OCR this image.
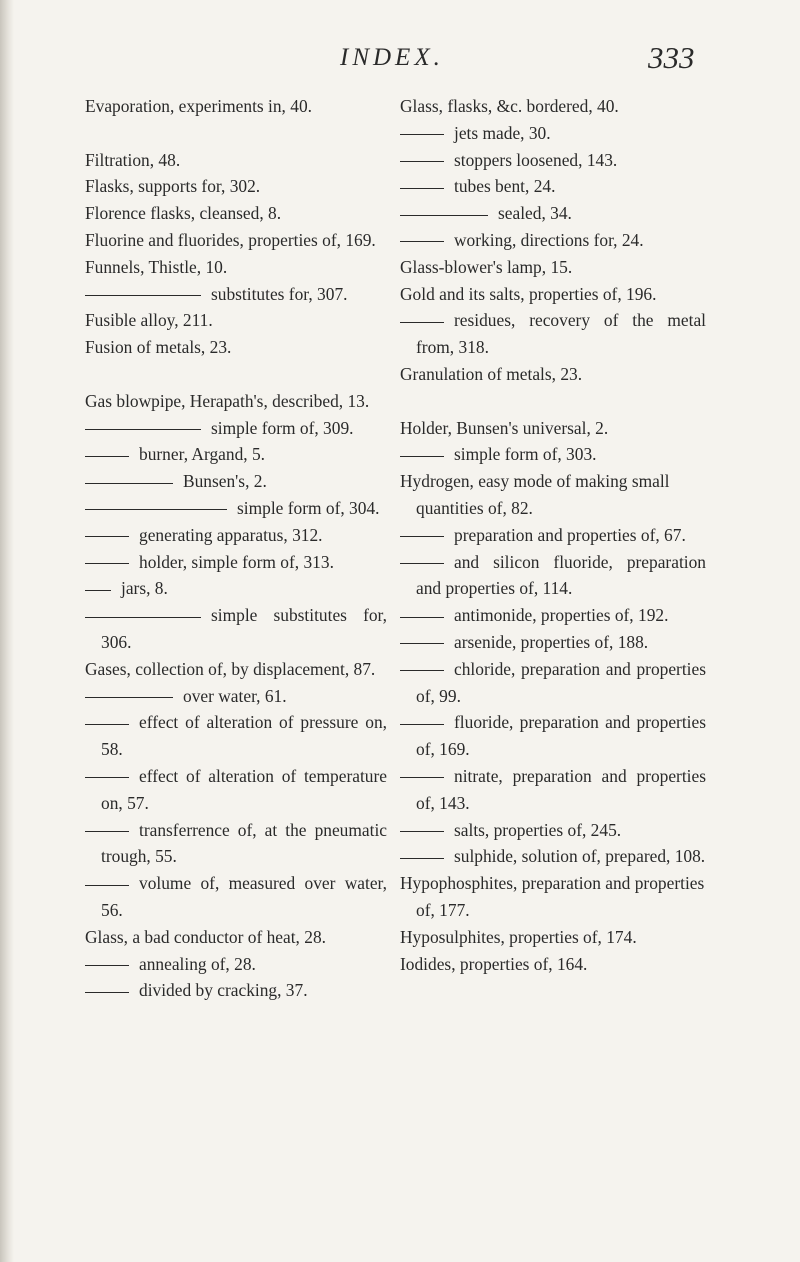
INDEX.	333

Evaporation, experiments in, 40.

Filtration, 48.

Flasks, supports for, 302.

Florence flasks, cleansed, 8.

Fluorine and fluorides, properties of, 169.

Funnels, Thistle, 10.

substitutes for, 307.

Fusible alloy, 211.

Fusion of metals, 23.

Gas blowpipe, Herapath's, described, 13.

simple form of, 309.

burner, Argand, 5.

Bunsen's, 2.

simple form of, 304.

generating apparatus, 312.

holder, simple form of, 313.

jars, 8.

simple substitutes for, 306.

Gases, collection of, by displacement, 87.

over water, 61.

effect of alteration of pressure on, 58.

effect of alteration of temperature on, 57.

transferrence of, at the pneumatic trough, 55.

volume of, measured over water, 56.

Glass, a bad conductor of heat, 28.

annealing of, 28.

divided by cracking, 37.

Glass, flasks, &c. bordered, 40.

jets made, 30.

stoppers loosened, 143.

tubes bent, 24.

sealed, 34.

working, directions for, 24.

Glass-blower's lamp, 15.

Gold and its salts, properties of, 196.

residues, recovery of the metal from, 318.

Granulation of metals, 23.

Holder, Bunsen's universal, 2.

simple form of, 303.

Hydrogen, easy mode of making small quantities of, 82.

preparation and properties of, 67.

and silicon fluoride, preparation and properties of, 114.

antimonide, properties of, 192.

arsenide, properties of, 188.

chloride, preparation and properties of, 99.

fluoride, preparation and properties of, 169.

nitrate, preparation and properties of, 143.

salts, properties of, 245.

sulphide, solution of, prepared, 108.

Hypophosphites, preparation and properties of, 177.

Hyposulphites, properties of, 174.

Iodides, properties of, 164.
